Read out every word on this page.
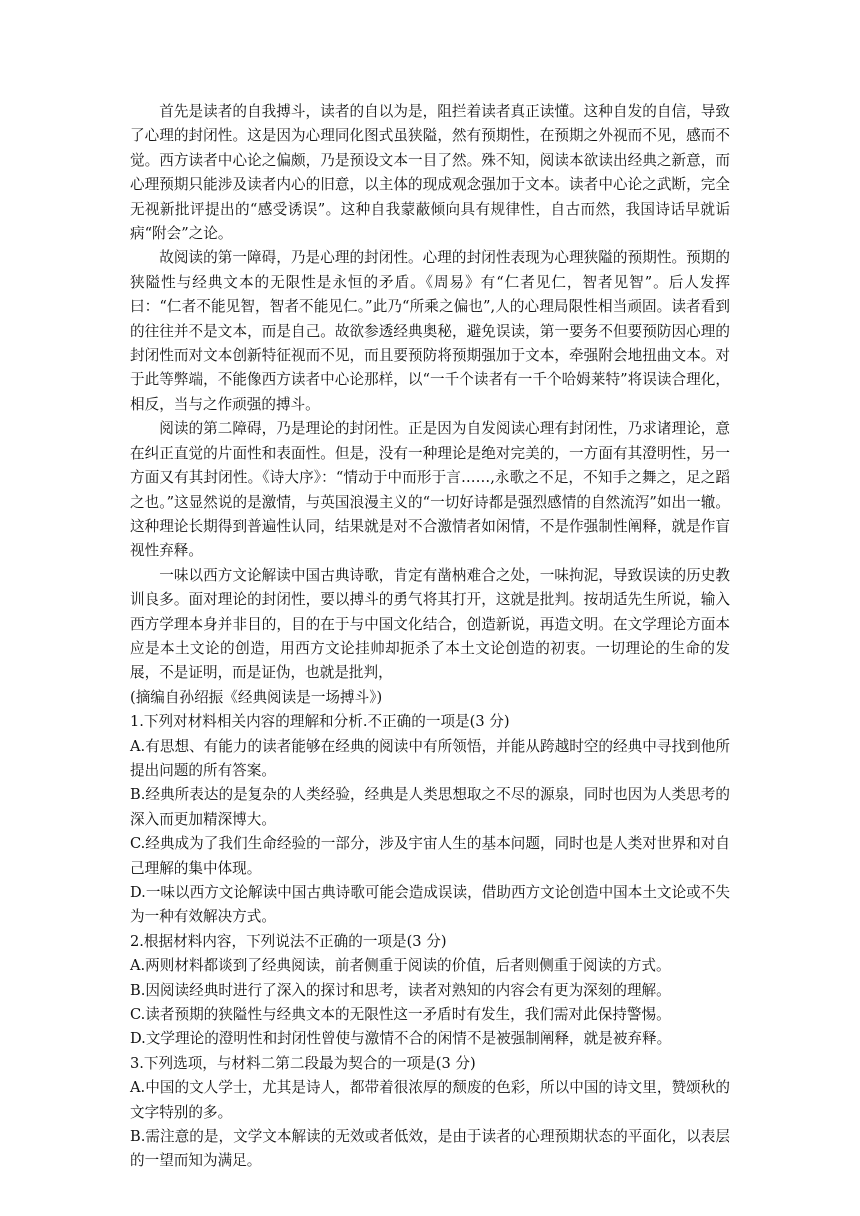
首先是读者的自我搏斗，读者的自以为是，阻拦着读者真正读懂。这种自发的自信，导致了心理的封闭性。这是因为心理同化图式虽狭隘，然有预期性，在预期之外视而不见，感而不觉。西方读者中心论之偏颇，乃是预设文本一目了然。殊不知，阅读本欲读出经典之新意，而心理预期只能涉及读者内心的旧意，以主体的现成观念强加于文本。读者中心论之武断，完全无视新批评提出的“感受诱误”。这种自我蒙蔽倾向具有规律性，自古而然，我国诗话早就诟病“附会”之论。

故阅读的第一障碍，乃是心理的封闭性。心理的封闭性表现为心理狭隘的预期性。预期的狭隘性与经典文本的无限性是永恒的矛盾。《周易》有“仁者见仁，智者见智”。后人发挥曰：“仁者不能见智，智者不能见仁。”此乃“所乘之偏也”,人的心理局限性相当顽固。读者看到的往往并不是文本，而是自己。故欲参透经典奥秘，避免误读，第一要务不但要预防因心理的封闭性而对文本创新特征视而不见，而且要预防将预期强加于文本，牵强附会地扭曲文本。对于此等弊端，不能像西方读者中心论那样，以“一千个读者有一千个哈姆莱特”将误读合理化，相反，当与之作顽强的搏斗。

阅读的第二障碍，乃是理论的封闭性。正是因为自发阅读心理有封闭性，乃求诸理论，意在纠正直觉的片面性和表面性。但是，没有一种理论是绝对完美的，一方面有其澄明性，另一方面又有其封闭性。《诗大序》：“情动于中而形于言……,永歌之不足，不知手之舞之，足之蹈之也。”这显然说的是激情，与英国浪漫主义的“一切好诗都是强烈感情的自然流泻”如出一辙。这种理论长期得到普遍性认同，结果就是对不合激情者如闲情，不是作强制性阐释，就是作盲视性弃释。

一味以西方文论解读中国古典诗歌，肯定有凿枘难合之处，一味拘泥，导致误读的历史教训良多。面对理论的封闭性，要以搏斗的勇气将其打开，这就是批判。按胡适先生所说，输入西方学理本身并非目的，目的在于与中国文化结合，创造新说，再造文明。在文学理论方面本应是本土文论的创造，用西方文论挂帅却扼杀了本土文论创造的初衷。一切理论的生命的发展，不是证明，而是证伪，也就是批判，

(摘编自孙绍振《经典阅读是一场搏斗》)

1.下列对材料相关内容的理解和分析.不正确的一项是(3 分)

A.有思想、有能力的读者能够在经典的阅读中有所领悟，并能从跨越时空的经典中寻找到他所提出问题的所有答案。

B.经典所表达的是复杂的人类经验，经典是人类思想取之不尽的源泉，同时也因为人类思考的深入而更加精深博大。

C.经典成为了我们生命经验的一部分，涉及宇宙人生的基本问题，同时也是人类对世界和对自己理解的集中体现。

D.一味以西方文论解读中国古典诗歌可能会造成误读，借助西方文论创造中国本土文论或不失为一种有效解决方式。

2.根据材料内容，下列说法不正确的一项是(3 分)

A.两则材料都谈到了经典阅读，前者侧重于阅读的价值，后者则侧重于阅读的方式。

B.因阅读经典时进行了深入的探讨和思考，读者对熟知的内容会有更为深刻的理解。

C.读者预期的狭隘性与经典文本的无限性这一矛盾时有发生，我们需对此保持警惕。

D.文学理论的澄明性和封闭性曾使与激情不合的闲情不是被强制阐释，就是被弃释。

3.下列选项，与材料二第二段最为契合的一项是(3 分)

A.中国的文人学士，尤其是诗人，都带着很浓厚的颓废的色彩，所以中国的诗文里，赞颂秋的文字特别的多。

B.需注意的是，文学文本解读的无效或者低效，是由于读者的心理预期状态的平面化，以表层的一望而知为满足。
